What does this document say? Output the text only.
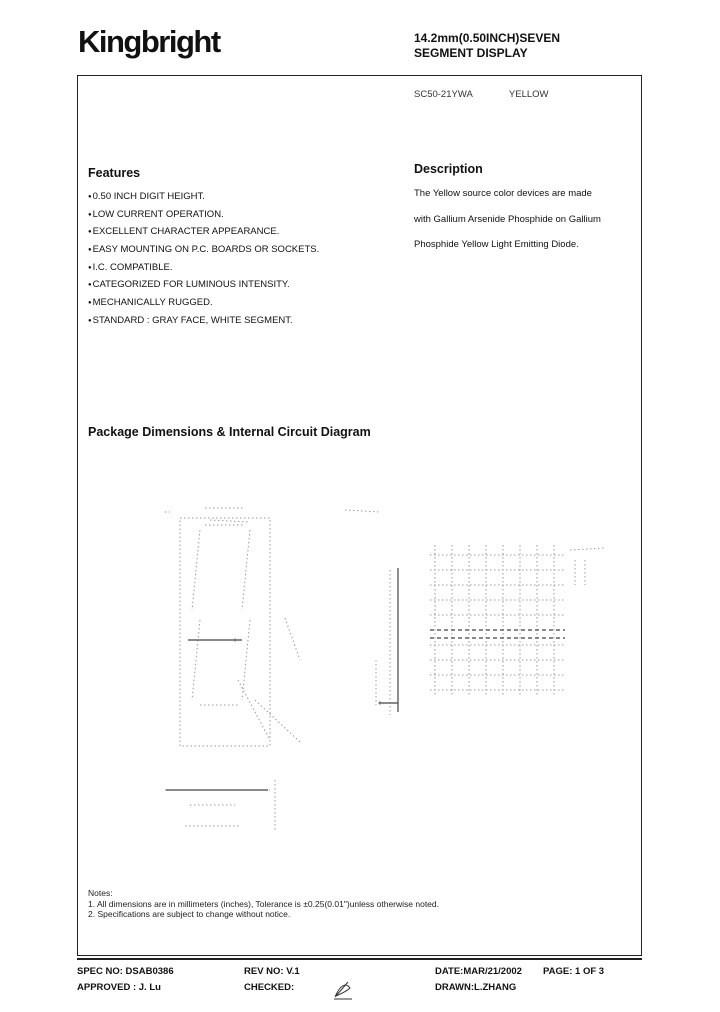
Kingbright	14.2mm(0.50INCH)SEVEN
SEGMENT DISPLAY
SC50-21YWA	YELLOW
Features
● 0.50 INCH DIGIT HEIGHT.
● LOW CURRENT OPERATION.
● EXCELLENT CHARACTER APPEARANCE.
● EASY MOUNTING ON P.C. BOARDS OR SOCKETS.
● I.C. COMPATIBLE.
● CATEGORIZED FOR LUMINOUS INTENSITY.
● MECHANICALLY RUGGED.
● STANDARD : GRAY FACE, WHITE SEGMENT.
Description
The Yellow source color devices are made
with Gallium Arsenide Phosphide on Gallium
Phosphide Yellow Light Emitting Diode.
Package Dimensions & Internal Circuit Diagram
Notes:
1. All dimensions are in millimeters (inches), Tolerance is ±0.25(0.01")unless otherwise noted.
2. Specifications are subject to change without notice.
SPEC NO: DSAB0386	REV NO: V.1	DATE:MAR/21/2002 PAGE: 1 OF 3
APPROVED : J. Lu	CHECKED:	DRAWN:L.ZHANG
